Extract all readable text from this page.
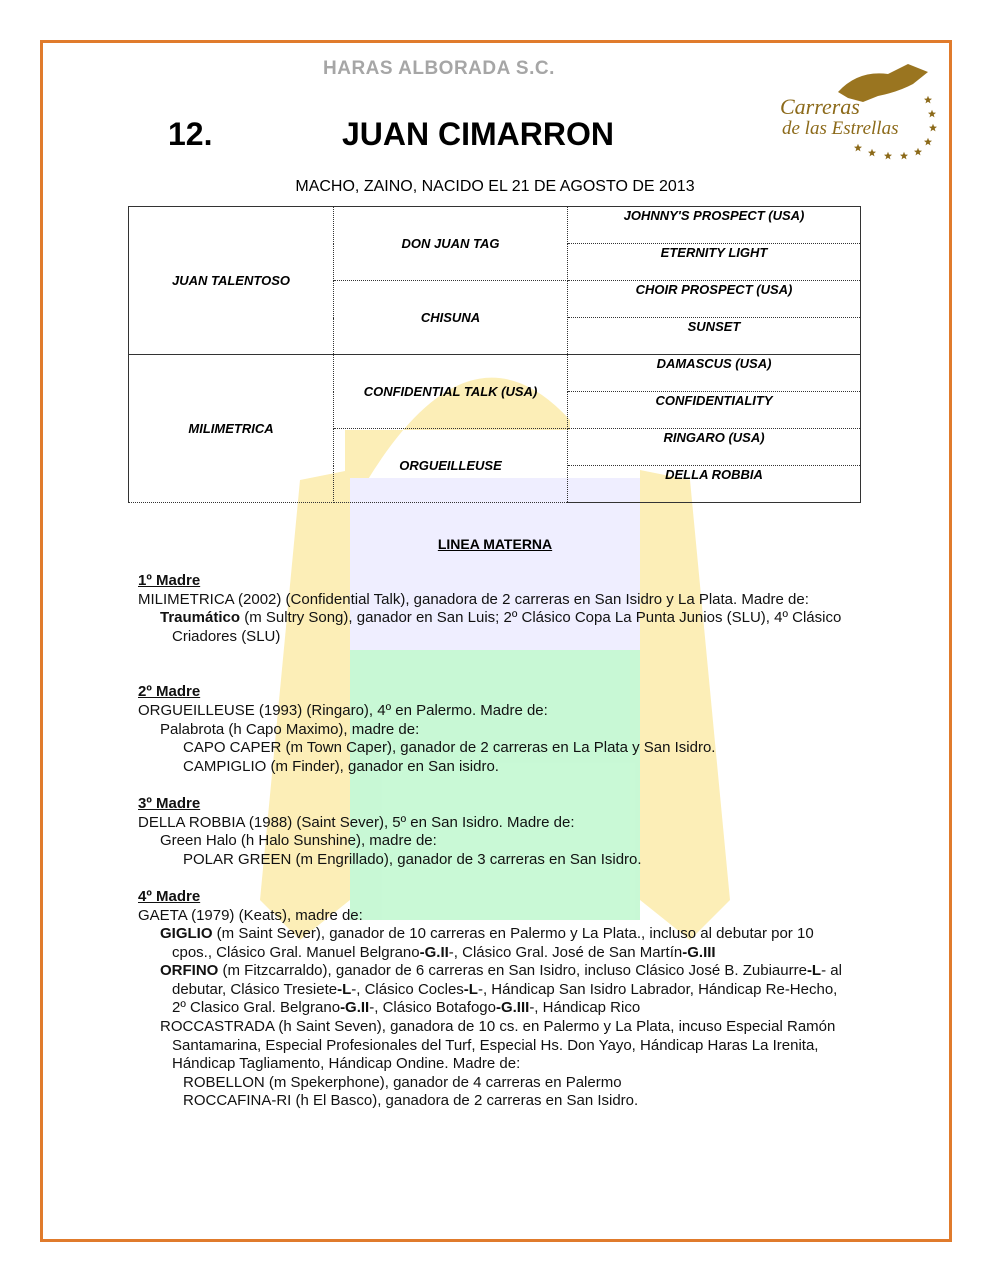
HARAS ALBORADA S.C.
Carreras
de las Estrellas
12.	JUAN CIMARRON
MACHO, ZAINO, NACIDO EL 21 DE AGOSTO DE 2013
JUAN TALENTOSO	DON JUAN TAG	JOHNNY'S PROSPECT (USA)
		ETERNITY LIGHT
	CHISUNA	CHOIR PROSPECT (USA)
		SUNSET
MILIMETRICA	CONFIDENTIAL TALK (USA)	DAMASCUS (USA)
		CONFIDENTIALITY
	ORGUEILLEUSE	RINGARO (USA)
		DELLA ROBBIA
LINEA MATERNA
1º Madre
MILIMETRICA (2002) (Confidential Talk), ganadora de 2 carreras en San Isidro y La Plata. Madre de:
Traumático (m Sultry Song), ganador en San Luis; 2º Clásico Copa La Punta Junios (SLU), 4º Clásico Criadores (SLU)
2º Madre
ORGUEILLEUSE (1993) (Ringaro), 4º en Palermo. Madre de:
Palabrota (h Capo Maximo), madre de:
CAPO CAPER (m Town Caper), ganador de 2 carreras en La Plata y San Isidro.
CAMPIGLIO (m Finder), ganador en San isidro.
3º Madre
DELLA ROBBIA (1988) (Saint Sever), 5º en San Isidro. Madre de:
Green Halo (h Halo Sunshine), madre de:
POLAR GREEN (m Engrillado), ganador de 3 carreras en San Isidro.
4º Madre
GAETA (1979) (Keats), madre de:
GIGLIO (m Saint Sever), ganador de 10 carreras en Palermo y La Plata., incluso al debutar por 10 cpos., Clásico Gral. Manuel Belgrano-G.II-, Clásico Gral. José de San Martín-G.III
ORFINO (m Fitzcarraldo), ganador de 6 carreras en San Isidro, incluso Clásico José B. Zubiaurre-L- al debutar, Clásico Tresiete-L-, Clásico Cocles-L-, Hándicap San Isidro Labrador, Hándicap Re-Hecho, 2º Clasico Gral. Belgrano-G.II-, Clásico Botafogo-G.III-, Hándicap Rico
ROCCASTRADA (h Saint Seven), ganadora de 10 cs. en Palermo y La Plata, incuso Especial Ramón Santamarina, Especial Profesionales del Turf, Especial Hs. Don Yayo, Hándicap Haras La Irenita, Hándicap Tagliamento, Hándicap Ondine. Madre de:
ROBELLON (m Spekerphone), ganador de 4 carreras en Palermo
ROCCAFINA-RI (h El Basco), ganadora de 2 carreras en San Isidro.
